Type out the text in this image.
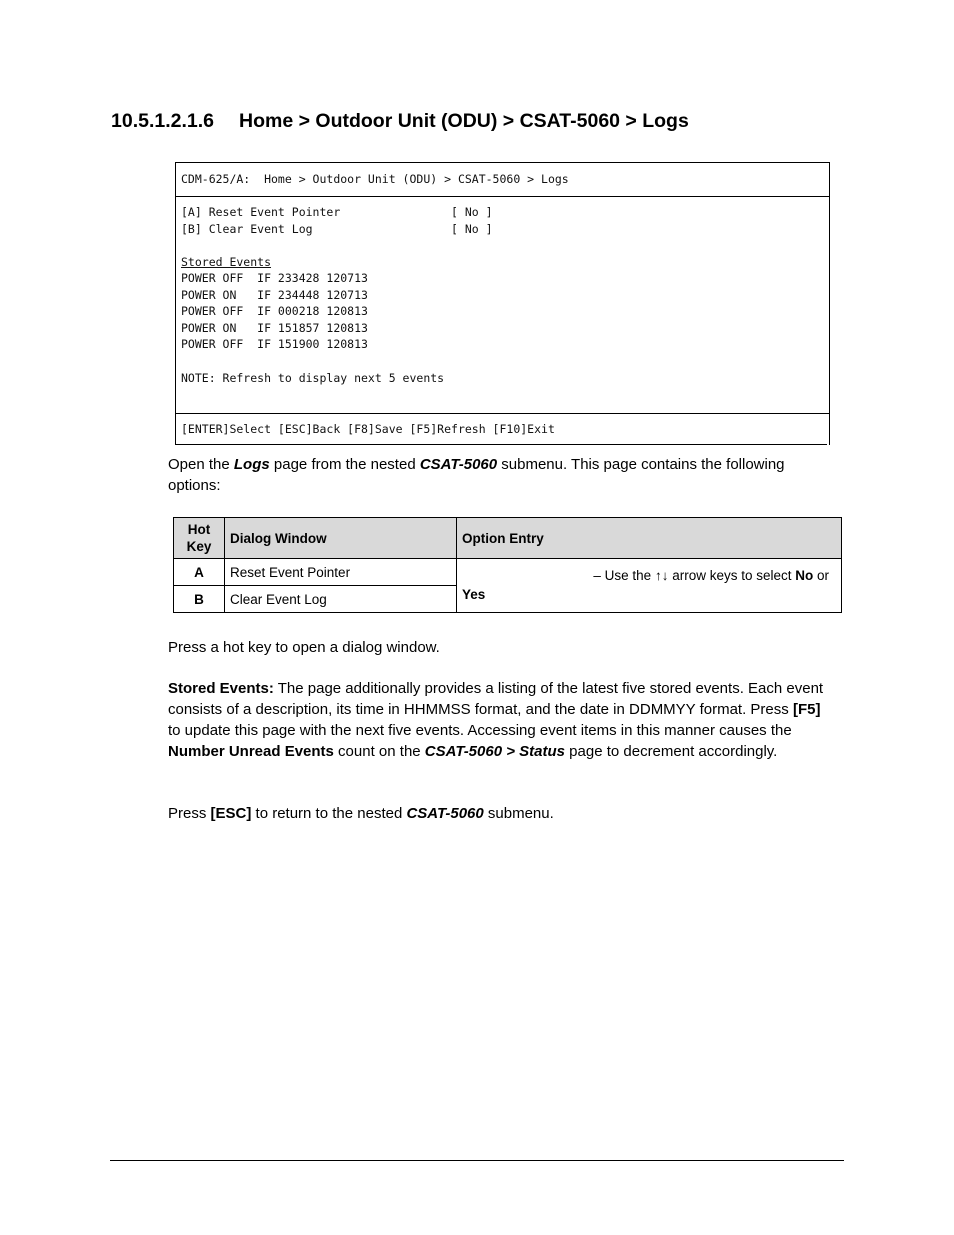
10.5.1.2.1.6 Home > Outdoor Unit (ODU) > CSAT-5060 > Logs
CDM-625/A:  Home > Outdoor Unit (ODU) > CSAT-5060 > Logs
[A] Reset Event Pointer                [ No ]
[B] Clear Event Log                    [ No ]
Stored Events
POWER OFF  IF 233428 120713
POWER ON   IF 234448 120713
POWER OFF  IF 000218 120813
POWER ON   IF 151857 120813
POWER OFF  IF 151900 120813
NOTE: Refresh to display next 5 events
[ENTER]Select [ESC]Back [F8]Save [F5]Refresh [F10]Exit
Open the Logs page from the nested CSAT-5060 submenu. This page contains the following options:
Hot Key	Dialog Window	Option Entry
A	Reset Event Pointer	– Use the ↑↓ arrow keys to select No or
Yes

B	Clear Event Log	
Press a hot key to open a dialog window.
Stored Events: The page additionally provides a listing of the latest five stored events. Each event consists of a description, its time in HHMMSS format, and the date in DDMMYY format. Press [F5] to update this page with the next five events. Accessing event items in this manner causes the Number Unread Events count on the CSAT-5060 > Status page to decrement accordingly.
Press [ESC] to return to the nested CSAT-5060 submenu.
